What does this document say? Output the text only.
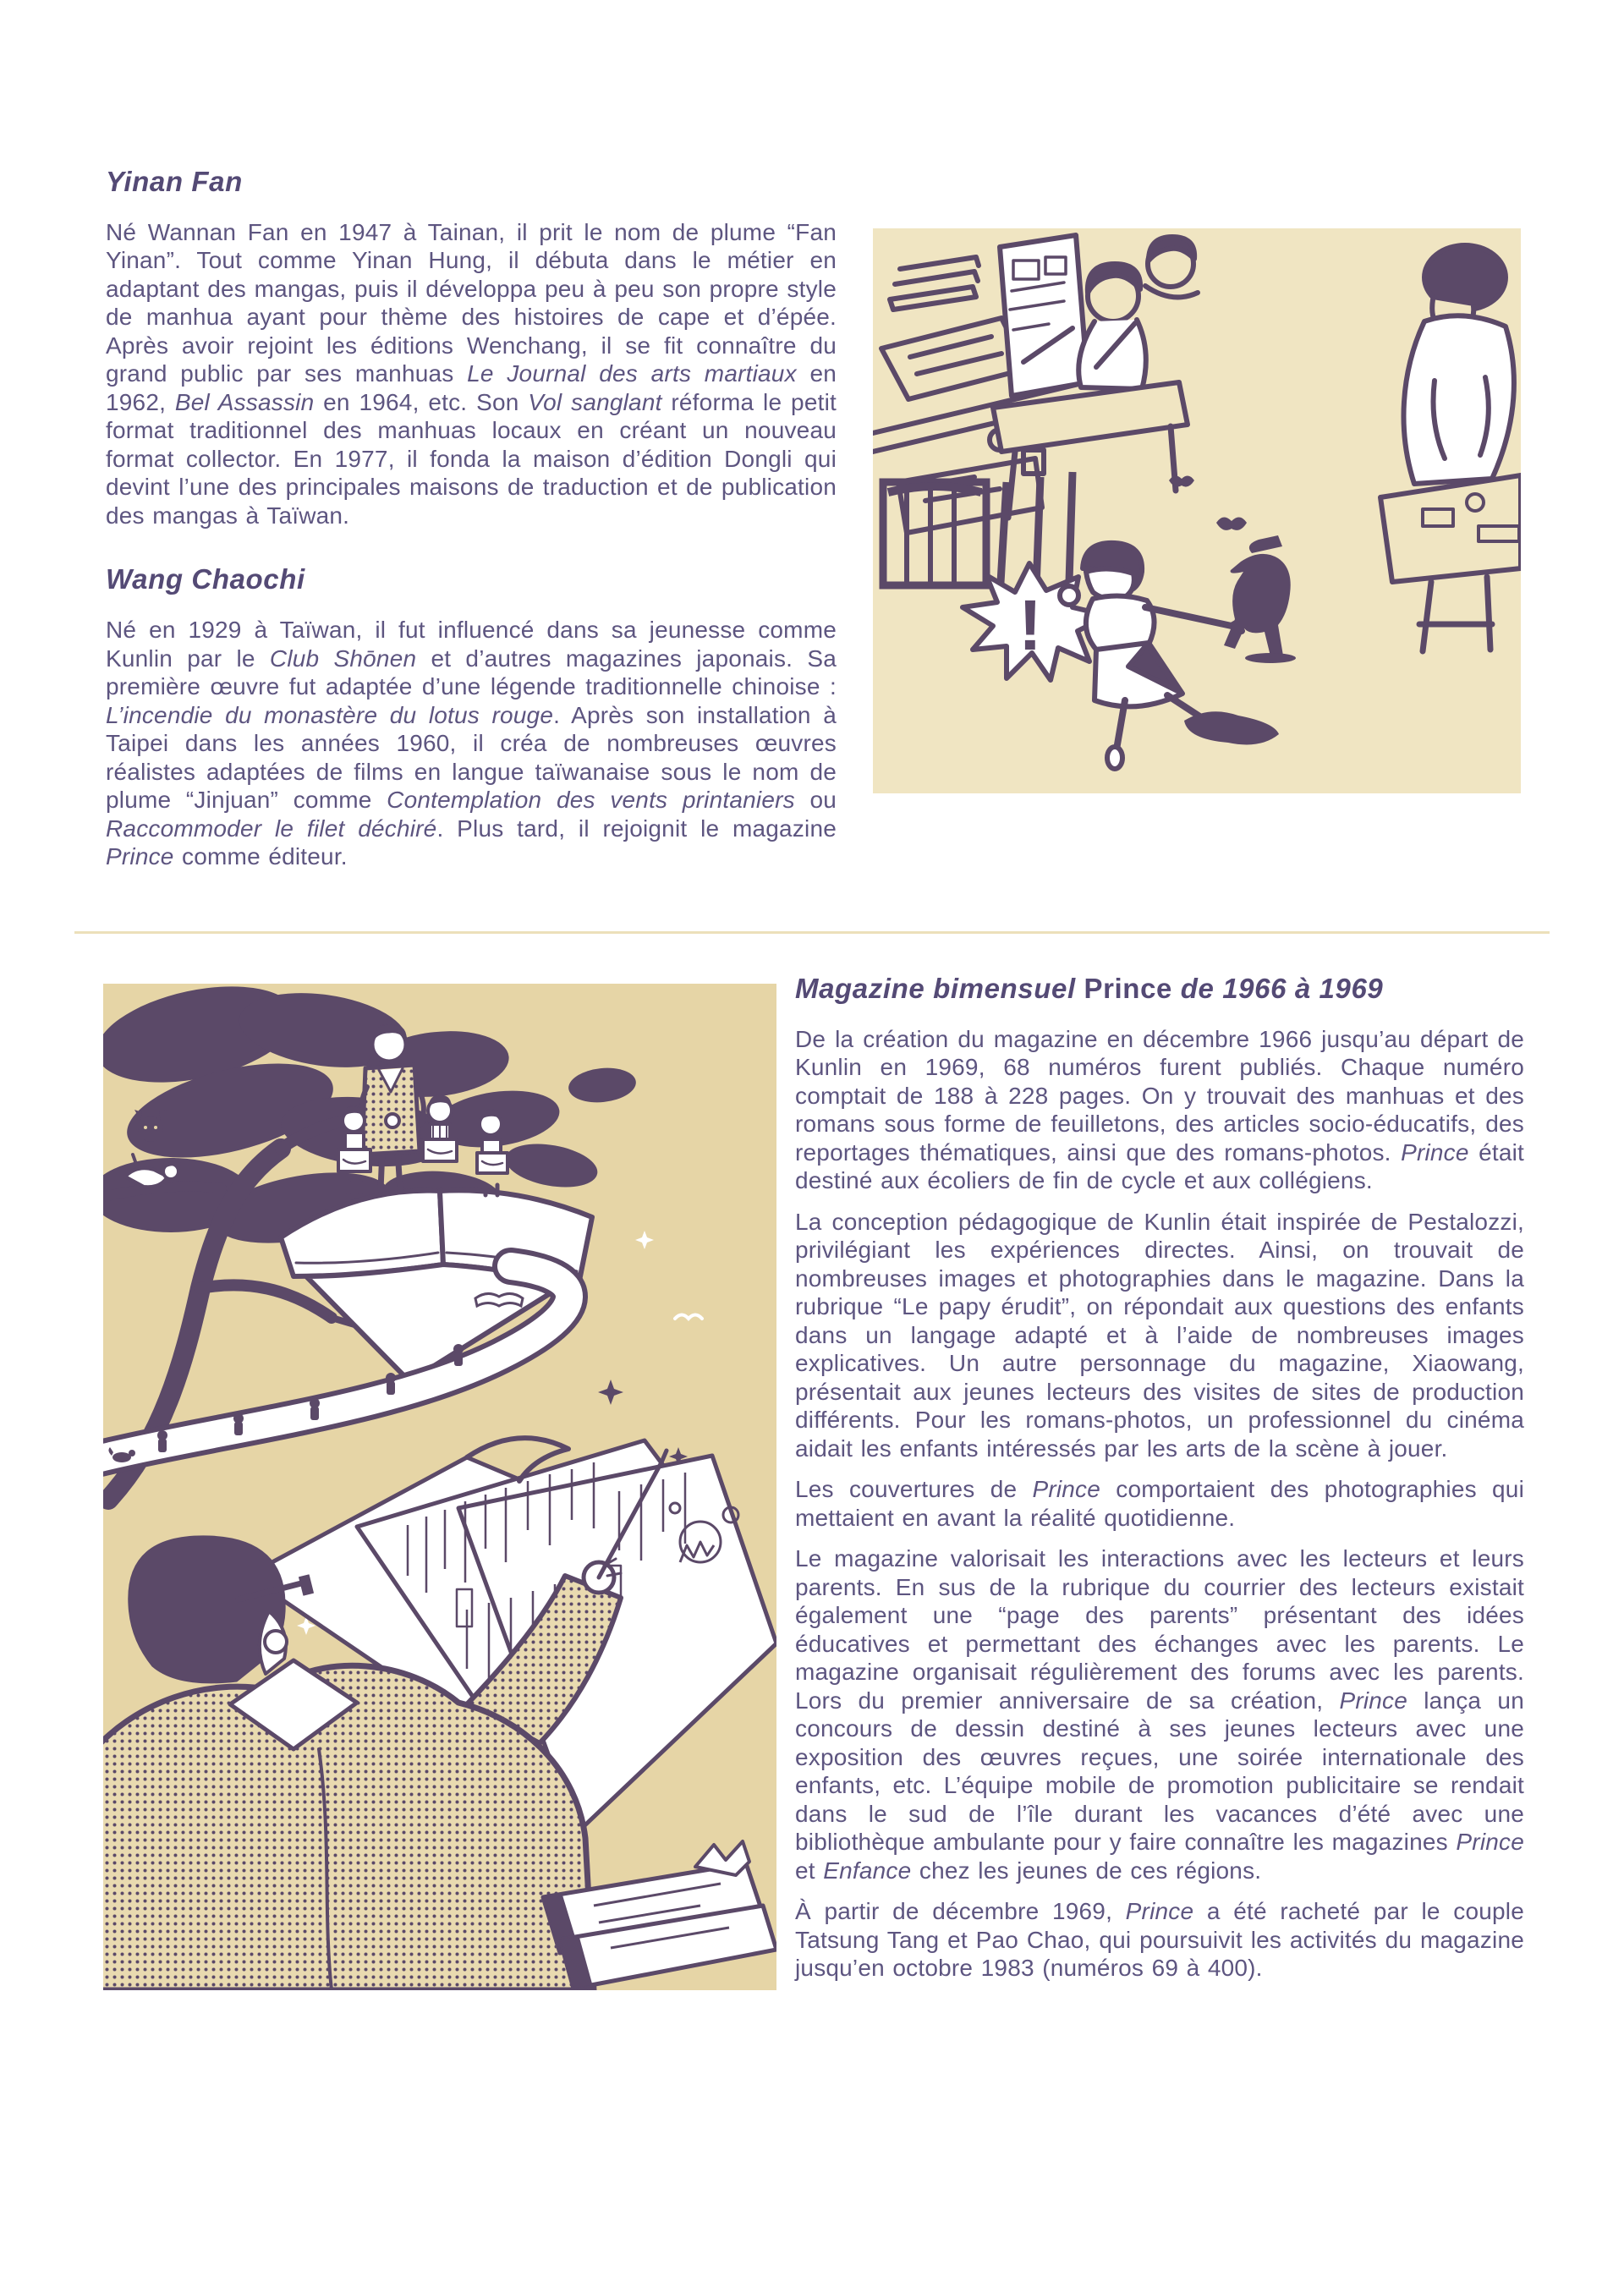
Yinan Fan

Né Wannan Fan en 1947 à Tainan, il prit le nom de plume “Fan Yinan”. Tout comme Yinan Hung, il débuta dans le métier en adaptant des mangas, puis il développa peu à peu son propre style de manhua ayant pour thème des histoires de cape et d’épée. Après avoir rejoint les éditions Wenchang, il se fit connaître du grand public par ses manhuas Le Journal des arts martiaux en 1962, Bel Assassin en 1964, etc. Son Vol sanglant réforma le petit format traditionnel des manhuas locaux en créant un nouveau format collector. En 1977, il fonda la maison d’édition Dongli qui devint l’une des principales maisons de traduction et de publication des mangas à Taïwan.

Wang Chaochi

Né en 1929 à Taïwan, il fut influencé dans sa jeunesse comme Kunlin par le Club Shōnen et d’autres magazines japonais. Sa première œuvre fut adaptée d’une légende traditionnelle chinoise : L’incendie du monastère du lotus rouge. Après son installation à Taipei dans les années 1960, il créa de nombreuses œuvres réalistes adaptées de films en langue taïwanaise sous le nom de plume “Jinjuan” comme Contemplation des vents printaniers ou Raccommoder le filet déchiré. Plus tard, il rejoignit le magazine Prince comme éditeur.

!
Magazine bimensuel Prince de 1966 à 1969

De la création du magazine en décembre 1966 jusqu’au départ de Kunlin en 1969, 68 numéros furent publiés. Chaque numéro comptait de 188 à 228 pages. On y trouvait des manhuas et des romans sous forme de feuilletons, des articles socio-éducatifs, des reportages thématiques, ainsi que des romans-photos. Prince était destiné aux écoliers de fin de cycle et aux collégiens.

La conception pédagogique de Kunlin était inspirée de Pestalozzi, privilégiant les expériences directes. Ainsi, on trouvait de nombreuses images et photographies dans le magazine. Dans la rubrique “Le papy érudit”, on répondait aux questions des enfants dans un langage adapté et à l’aide de nombreuses images explicatives. Un autre personnage du magazine, Xiaowang, présentait aux jeunes lecteurs des visites de sites de production différents. Pour les romans-photos, un professionnel du cinéma aidait les enfants intéressés par les arts de la scène à jouer.

Les couvertures de Prince comportaient des photographies qui mettaient en avant la réalité quotidienne.

Le magazine valorisait les interactions avec les lecteurs et leurs parents. En sus de la rubrique du courrier des lecteurs existait également une “page des parents” présentant des idées éducatives et permettant des échanges avec les parents. Le magazine organisait régulièrement des forums avec les parents. Lors du premier anniversaire de sa création, Prince lança un concours de dessin destiné à ses jeunes lecteurs avec une exposition des œuvres reçues, une soirée internationale des enfants, etc. L’équipe mobile de promotion publicitaire se rendait dans le sud de l’île durant les vacances d’été avec une bibliothèque ambulante pour y faire connaître les magazines Prince et Enfance chez les jeunes de ces régions.

À partir de décembre 1969, Prince a été racheté par le couple Tatsung Tang et Pao Chao, qui poursuivit les activités du magazine jusqu’en octobre 1983 (numéros 69 à 400).
